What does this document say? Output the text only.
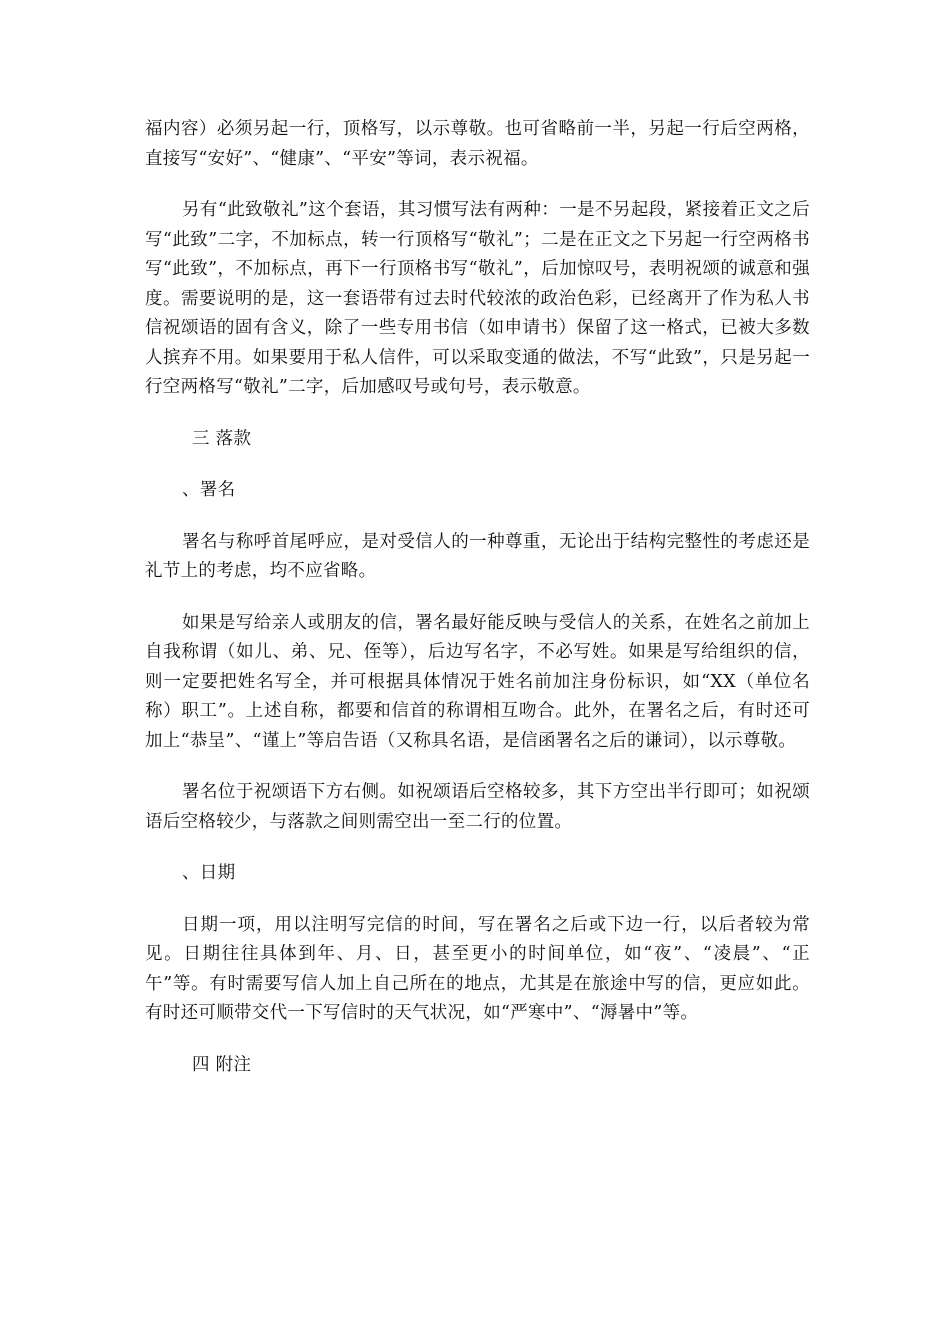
福内容）必须另起一行，顶格写，以示尊敬。也可省略前一半，另起一行后空两格，直接写“安好”、“健康”、“平安”等词，表示祝福。

另有“此致敬礼”这个套语，其习惯写法有两种：一是不另起段，紧接着正文之后写“此致”二字，不加标点，转一行顶格写“敬礼”；二是在正文之下另起一行空两格书写“此致”，不加标点，再下一行顶格书写“敬礼”，后加惊叹号，表明祝颂的诚意和强度。需要说明的是，这一套语带有过去时代较浓的政治色彩，已经离开了作为私人书信祝颂语的固有含义，除了一些专用书信（如申请书）保留了这一格式，已被大多数人摈弃不用。如果要用于私人信件，可以采取变通的做法，不写“此致”，只是另起一行空两格写“敬礼”二字，后加感叹号或句号，表示敬意。

三 落款

、署名

署名与称呼首尾呼应，是对受信人的一种尊重，无论出于结构完整性的考虑还是礼节上的考虑，均不应省略。

如果是写给亲人或朋友的信，署名最好能反映与受信人的关系，在姓名之前加上自我称谓（如儿、弟、兄、侄等），后边写名字，不必写姓。如果是写给组织的信，则一定要把姓名写全，并可根据具体情况于姓名前加注身份标识，如“XX（单位名称）职工”。上述自称，都要和信首的称谓相互吻合。此外，在署名之后，有时还可加上“恭呈”、“谨上”等启告语（又称具名语，是信函署名之后的谦词），以示尊敬。

署名位于祝颂语下方右侧。如祝颂语后空格较多，其下方空出半行即可；如祝颂语后空格较少，与落款之间则需空出一至二行的位置。

、日期

日期一项，用以注明写完信的时间，写在署名之后或下边一行，以后者较为常见。日期往往具体到年、月、日，甚至更小的时间单位，如“夜”、“凌晨”、“正午”等。有时需要写信人加上自己所在的地点，尤其是在旅途中写的信，更应如此。有时还可顺带交代一下写信时的天气状况，如“严寒中”、“溽暑中”等。

四 附注
